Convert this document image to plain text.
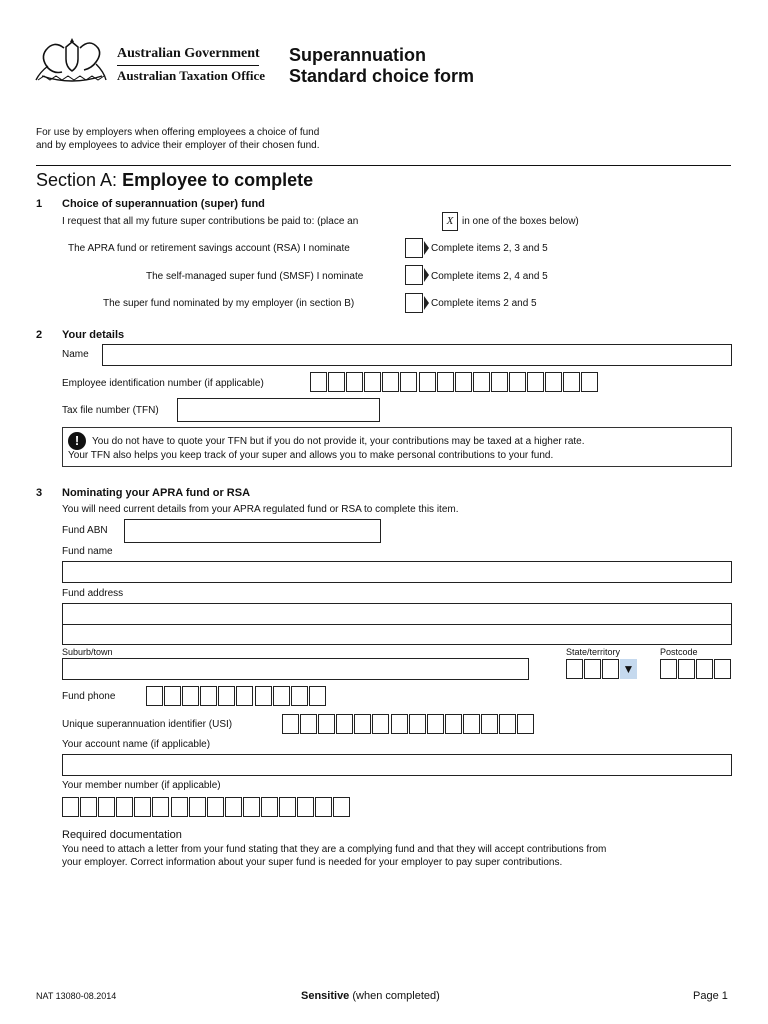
Australian Government
Australian Taxation Office
Superannuation
Standard choice form
For use by employers when offering employees a choice of fund
and by employees to advice their employer of their chosen fund.
Section A: Employee to complete
1 Choice of superannuation (super) fund
I request that all my future super contributions be paid to: (place an	X in one of the boxes below)
The APRA fund or retirement savings account (RSA) I nominate	Complete items 2, 3 and 5
The self-managed super fund (SMSF) I nominate	Complete items 2, 4 and 5
The super fund nominated by my employer (in section B)	Complete items 2 and 5
2 Your details
Name
Employee identification number (if applicable)
Tax file number (TFN)
!	You do not have to quote your TFN but if you do not provide it, your contributions may be taxed at a higher rate.
Your TFN also helps you keep track of your super and allows you to make personal contributions to your fund.
3 Nominating your APRA fund or RSA
You will need current details from your APRA regulated fund or RSA to complete this item.
Fund ABN
Fund name
Fund address
Suburb/town	State/territory
▼
Postcode
Fund phone
Unique superannuation identifier (USI)
Your account name (if applicable)
Your member number (if applicable)
Required documentation
You need to attach a letter from your fund stating that they are a complying fund and that they will accept contributions from
your employer. Correct information about your super fund is needed for your employer to pay super contributions.
NAT 13080-08.2014	Sensitive (when completed)	Page 1
